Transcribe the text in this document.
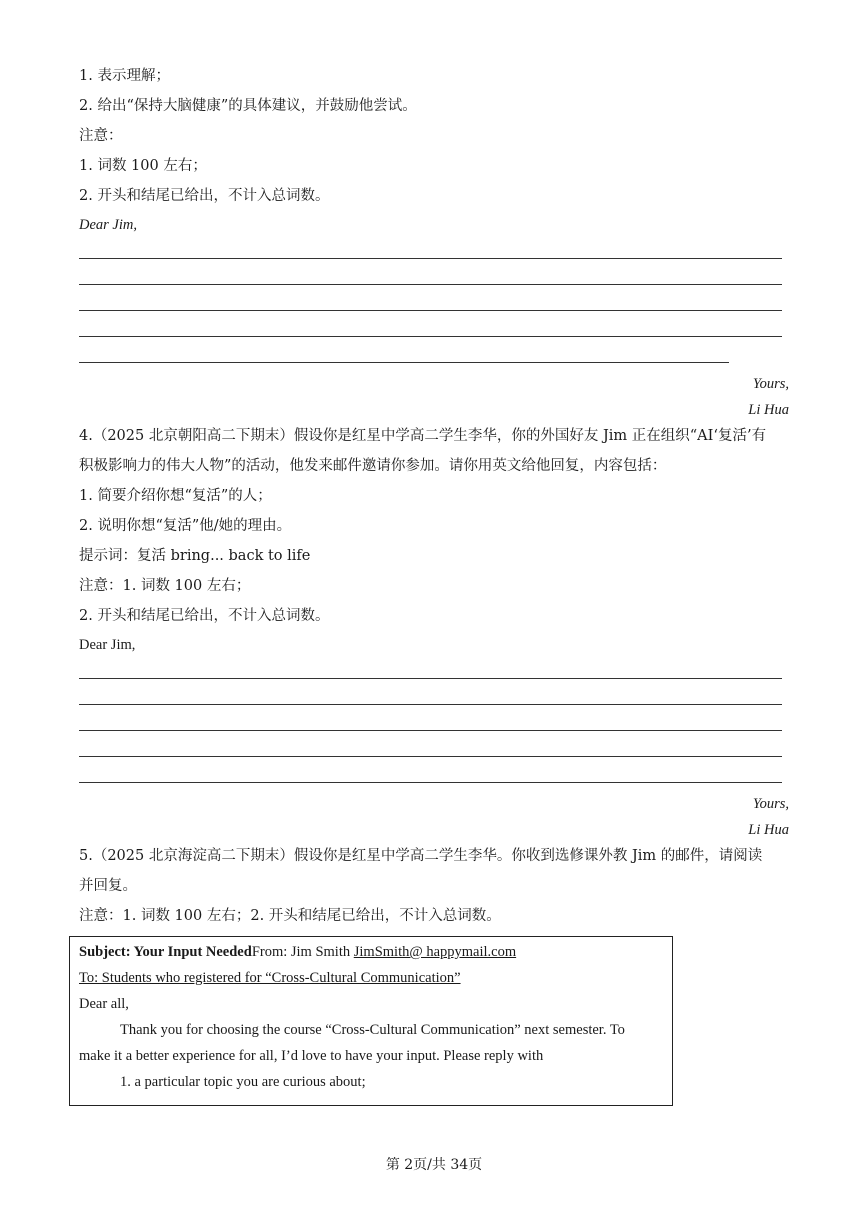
1. 表示理解；
2. 给出“保持大脑健康”的具体建议，并鼓励他尝试。
注意：
1. 词数 100 左右；
2. 开头和结尾已给出，不计入总词数。
Dear Jim,
Yours,
Li Hua
4.（2025 北京朝阳高二下期末）假设你是红星中学高二学生李华，你的外国好友 Jim 正在组织“AI‘复活’有
积极影响力的伟大人物”的活动，他发来邮件邀请你参加。请你用英文给他回复，内容包括：
1. 简要介绍你想“复活”的人；
2. 说明你想“复活”他/她的理由。
提示词：复活 bring... back to life
注意：1. 词数 100 左右；
2. 开头和结尾已给出，不计入总词数。
Dear Jim,
Yours,
Li Hua
5.（2025 北京海淀高二下期末）假设你是红星中学高二学生李华。你收到选修课外教 Jim 的邮件，请阅读
并回复。
注意：1. 词数 100 左右；2. 开头和结尾已给出，不计入总词数。
Subject: Your Input NeededFrom: Jim Smith JimSmith@ happymail.com
To: Students who registered for “Cross-Cultural Communication”
Dear all,
Thank you for choosing the course “Cross-Cultural Communication” next semester. To
make it a better experience for all, I’d love to have your input. Please reply with
1. a particular topic you are curious about;
第 2页/共 34页
